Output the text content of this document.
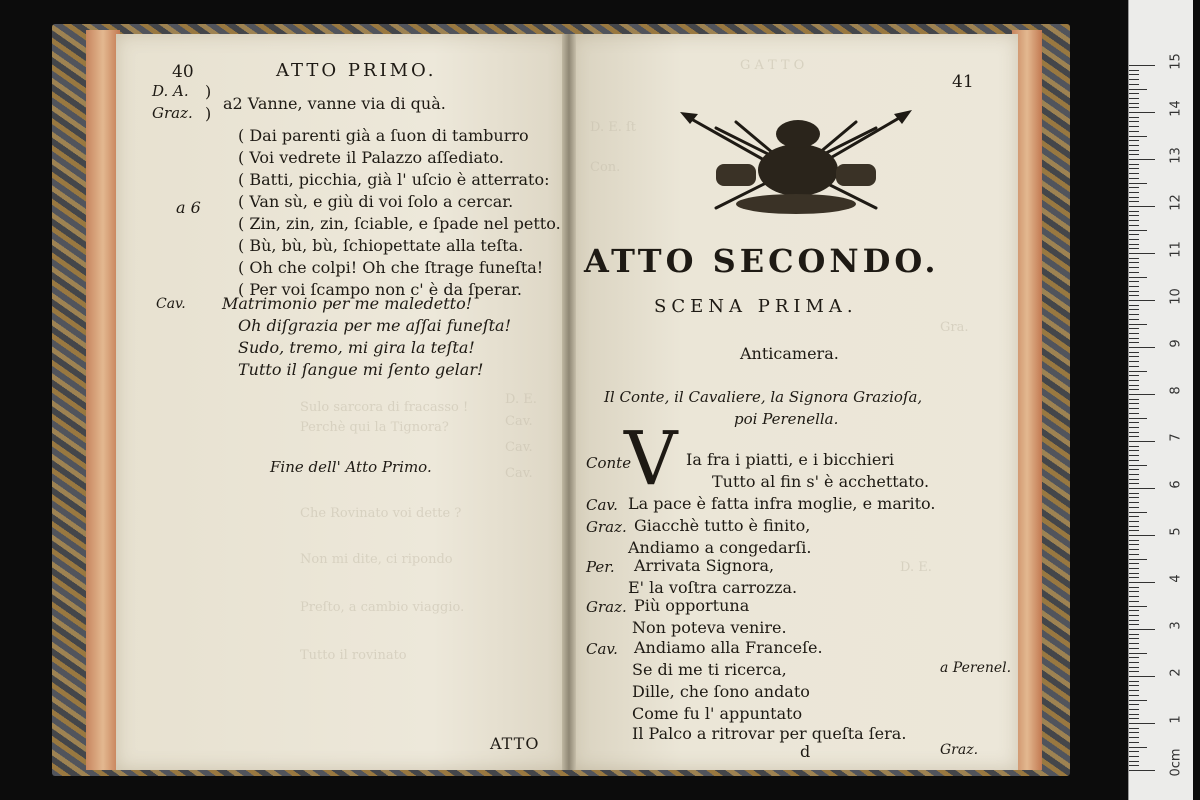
D. E.
Cav.
Cav.
Cav.
Sulo sarcora di fracasso !
Perchè qui la Tignora?
Che Rovinato voi dette ?
Non mi dite, ci ripondo
Preſto, a cambio viaggio.
Tutto il rovinato
G A T T O
D. E. ſt
Con.
Gra.
D. E.
40	ATTO PRIMO.
D. A. )
Graz. )
a2 Vanne, vanne via di quà.
a 6
( Dai parenti già a ſuon di tamburro
( Voi vedrete il Palazzo aſſediato.
( Batti, picchia, già l' uſcio è atterrato:
( Van sù, e giù di voi ſolo a cercar.
( Zin, zin, zin, ſciable, e ſpade nel petto.
( Bù, bù, bù, ſchiopettate alla teſta.
( Oh che colpi! Oh che ſtrage funeſta!
( Per voi ſcampo non c' è da ſperar.
Cav. Matrimonio per me maledetto!
Oh diſgrazia per me aſſai funeſta!
Sudo, tremo, mi gira la teſta!
Tutto il ſangue mi ſento gelar!
Fine dell' Atto Primo.
ATTO
41
ATTO SECONDO.
SCENA PRIMA.
Anticamera.
Il Conte, il Cavaliere, la Signora Grazioſa,
poi Perenella.
Conte
V Ia fra i piatti, e i bicchieri
Tutto al fin s' è acchettato.
Cav. La pace è fatta infra moglie, e marito.
Graz. Giacchè tutto è finito,
Andiamo a congedarſi.
Per. Arrivata Signora,
E' la voſtra carrozza.
Graz. Più opportuna
Non poteva venire.
Cav. Andiamo alla Franceſe.
Se di me ti ricerca,	a Perenel.
Dille, che ſono andato
Come fu l' appuntato
Il Palco a ritrovar per queſta ſera.
d	Graz.	0cm
1
2
3
4
5
6
7
8
9
10
11
12
13
14
15
